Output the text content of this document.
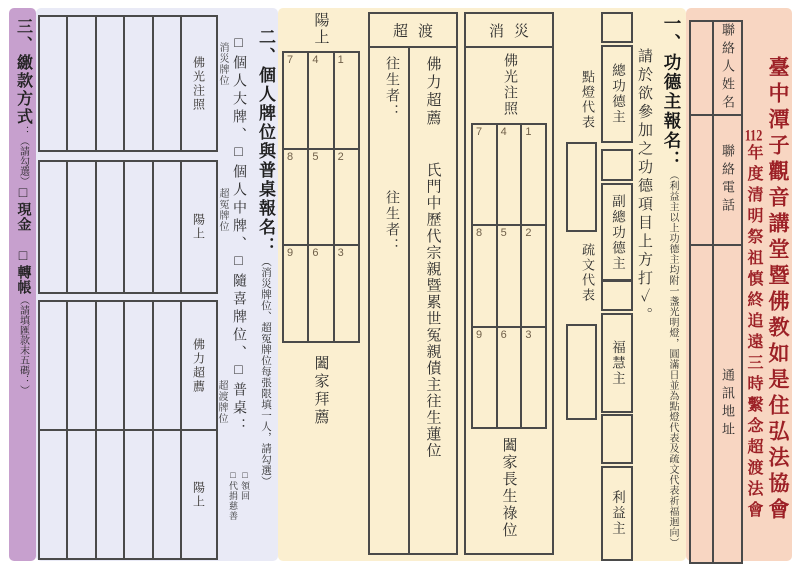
三、繳款方式：（請勾選）□現金 □轉帳（請填匯款末五碼：）
佛光注照
陽上
佛力超薦
陽上
消災牌位
超冤牌位
超渡牌位 □個人大牌、□個人中牌、□隨喜牌位、□普桌：
□領回
□代捐慈善
二、個人牌位與普桌報名：（消災牌位、超冤牌位每張限填一人，請勾選）
陽上
7	4	1
8	5	2
9	6	3
闔家拜薦
超渡
往生者：
往生者：
佛力超薦
氏門中歷代宗親暨累世冤親債主往生蓮位
消災
佛光注照
7	4	1
8	5	2
9	6	3
闔家長生祿位
點燈代表
疏文代表
總功德主
副總功德主
福慧主
利益主
請於欲參加之功德項目上方打✓。 一、功德主報名：（利益主以上功德主均附一盞光明燈，圓滿日並為點燈代表及疏文代表祈福迴向）
聯絡人姓名
聯絡電話
通訊地址
112年度清明祭祖慎終追遠三時繫念超渡法會 臺中潭子觀音講堂暨佛教如是住弘法協會
